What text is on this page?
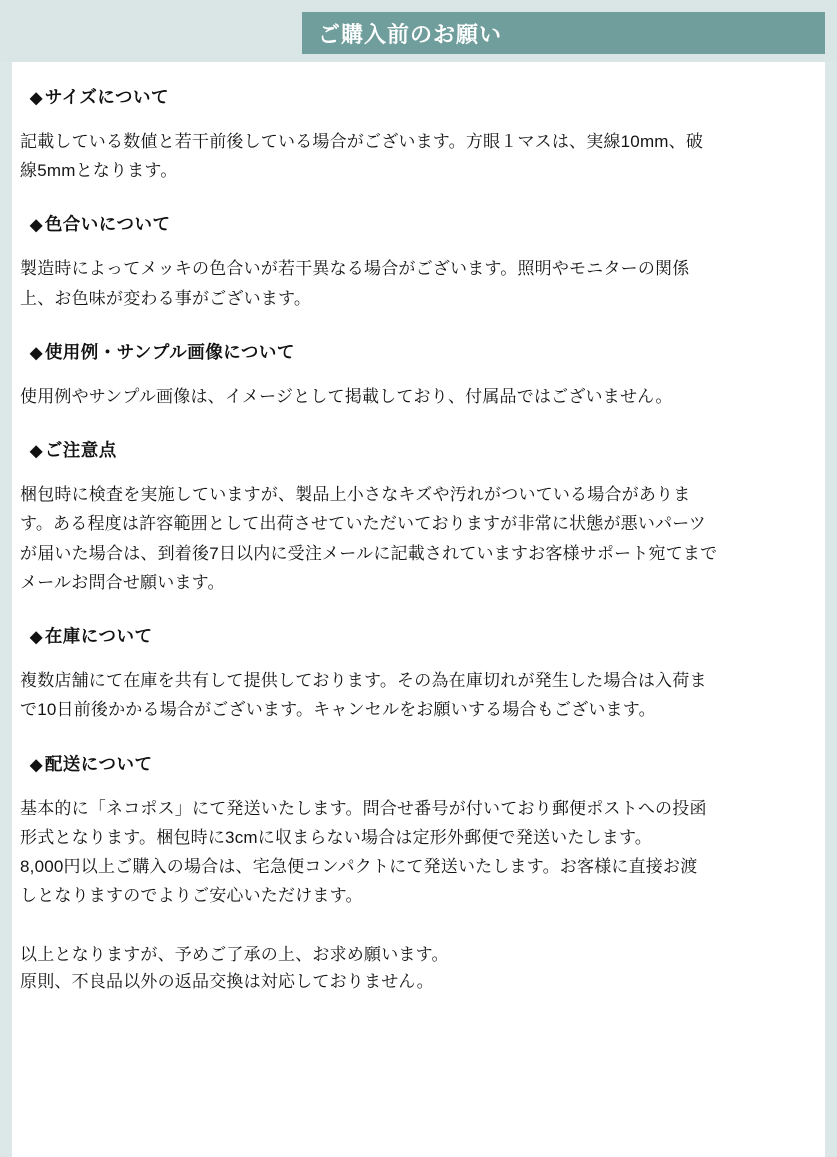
ご購入前のお願い
◆ サイズについて
記載している数値と若干前後している場合がございます。方眼１マスは、実線10mm、破
線5mmとなります。
◆ 色合いについて
製造時によってメッキの色合いが若干異なる場合がございます。照明やモニターの関係
上、お色味が変わる事がございます。
◆ 使用例・サンプル画像について
使用例やサンプル画像は、イメージとして掲載しており、付属品ではございません。
◆ ご注意点
梱包時に検査を実施していますが、製品上小さなキズや汚れがついている場合がありま
す。ある程度は許容範囲として出荷させていただいておりますが非常に状態が悪いパーツ
が届いた場合は、到着後7日以内に受注メールに記載されていますお客様サポート宛てまで
メールお問合せ願います。
◆ 在庫について
複数店舗にて在庫を共有して提供しております。その為在庫切れが発生した場合は入荷ま
で10日前後かかる場合がございます。キャンセルをお願いする場合もございます。
◆ 配送について
基本的に「ネコポス」にて発送いたします。問合せ番号が付いており郵便ポストへの投函
形式となります。梱包時に3cmに収まらない場合は定形外郵便で発送いたします。
8,000円以上ご購入の場合は、宅急便コンパクトにて発送いたします。お客様に直接お渡
しとなりますのでよりご安心いただけます。
以上となりますが、予めご了承の上、お求め願います。
原則、不良品以外の返品交換は対応しておりません。
